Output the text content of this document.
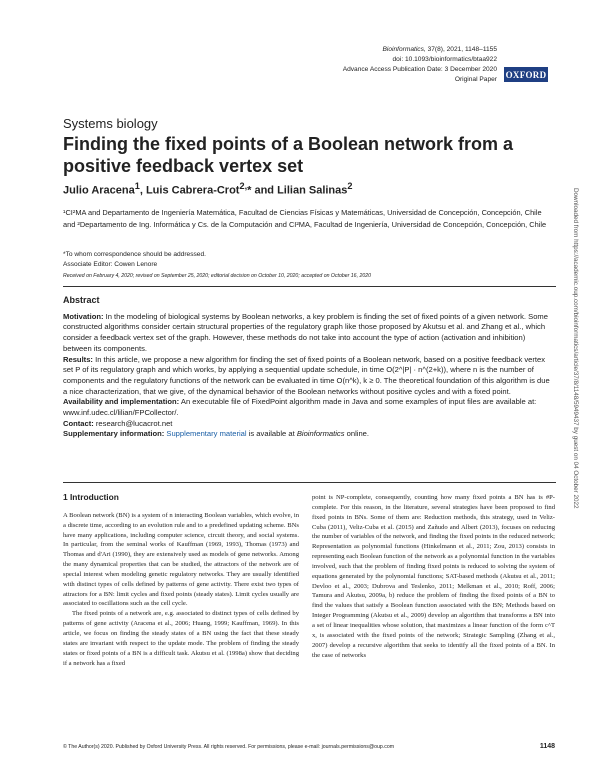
Bioinformatics, 37(8), 2021, 1148–1155
doi: 10.1093/bioinformatics/btaa922
Advance Access Publication Date: 3 December 2020
Original Paper OXFORD
Systems biology
Finding the fixed points of a Boolean network from a positive feedback vertex set
Julio Aracena$^1$, Luis Cabrera-Crot$^{2,}$* and Lilian Salinas$^2$
¹CI²MA and Departamento de Ingeniería Matemática, Facultad de Ciencias Físicas y Matemáticas, Universidad de Concepción, Concepción, Chile and ²Departamento de Ing. Informática y Cs. de la Computación and CI²MA, Facultad de Ingeniería, Universidad de Concepción, Concepción, Chile
*To whom correspondence should be addressed.
Associate Editor: Cowen Lenore
Received on February 4, 2020; revised on September 25, 2020; editorial decision on October 10, 2020; accepted on October 16, 2020
Abstract

Motivation: In the modeling of biological systems by Boolean networks, a key problem is finding the set of fixed points of a given network. Some constructed algorithms consider certain structural properties of the regulatory graph like those proposed by Akutsu et al. and Zhang et al., which consider a feedback vertex set of the graph. However, these methods do not take into account the type of action (activation and inhibition) between its components.

Results: In this article, we propose a new algorithm for finding the set of fixed points of a Boolean network, based on a positive feedback vertex set P of its regulatory graph and which works, by applying a sequential update schedule, in time O(2^|P| · n^(2+k)), where n is the number of components and the regulatory functions of the network can be evaluated in time O(n^k), k ≥ 0. The theoretical foundation of this algorithm is due a nice characterization, that we give, of the dynamical behavior of the Boolean networks without positive cycles and with a fixed point.

Availability and implementation: An executable file of FixedPoint algorithm made in Java and some examples of input files are available at: www.inf.udec.cl/lilian/FPCollector/.

Contact: research@lucacrot.net

Supplementary information: Supplementary material is available at Bioinformatics online.

1 Introduction

A Boolean network (BN) is a system of n interacting Boolean variables, which evolve, in a discrete time, according to an evolution rule and to a predefined updating scheme. BNs have many applications, including computer science, circuit theory, and social systems. In particular, from the seminal works of Kauffman (1969, 1993), Thomas (1973) and Thomas and d'Ari (1990), they are extensively used as models of gene networks. Among the many dynamical properties that can be studied, the attractors of the network are of special interest when modeling genetic regulatory networks. They are usually identified with distinct types of cells defined by patterns of gene activity. There exist two types of attractors for a BN: limit cycles and fixed points (steady states). Limit cycles usually are associated to oscillations such as the cell cycle.

The fixed points of a network are, e.g. associated to distinct types of cells defined by patterns of gene activity (Aracena et al., 2006; Huang, 1999; Kauffman, 1969). In this article, we focus on finding the steady states of a BN using the fact that these steady states are invariant with respect to the update mode. The problem of finding the steady states or fixed points of a BN is a difficult task. Akutsu et al. (1998a) show that deciding if a network has a fixed

point is NP-complete, consequently, counting how many fixed points a BN has is #P-complete. For this reason, in the literature, several strategies have been proposed to find fixed points in BNs. Some of them are: Reduction methods, this strategy, used in Veliz-Cuba (2011), Veliz-Cuba et al. (2015) and Zañudo and Albert (2013), focuses on reducing the number of variables of the network, and finding the fixed points in the reduced network; Representation as polynomial functions (Hinkelmann et al., 2011; Zou, 2013) consists in representing each Boolean function of the network as a polynomial function in the variables involved, such that the problem of finding fixed points is reduced to solving the system of equations generated by the polynomial functions; SAT-based methods (Akutsu et al., 2011; Devloo et al., 2003; Dubrova and Teslenko, 2011; Melkman et al., 2010; Roff, 2006; Tamura and Akutsu, 2009a, b) reduce the problem of finding the fixed points of a BN to find the values that satisfy a Boolean function associated with the BN; Methods based on Integer Programming (Akutsu et al., 2009) develop an algorithm that transforms a BN into a set of linear inequalities whose solution, that maximizes a linear function of the form c^T x, is associated with the fixed points of the network; Strategic Sampling (Zhang et al., 2007) develop a recursive algorithm that seeks to identify all the fixed points of a BN. In the case of networks

Downloaded from https://academic.oup.com/bioinformatics/article/37/8/1148/5949437 by guest on 04 October 2022
© The Author(s) 2020. Published by Oxford University Press. All rights reserved. For permissions, please e-mail: journals.permissions@oup.com	1148
